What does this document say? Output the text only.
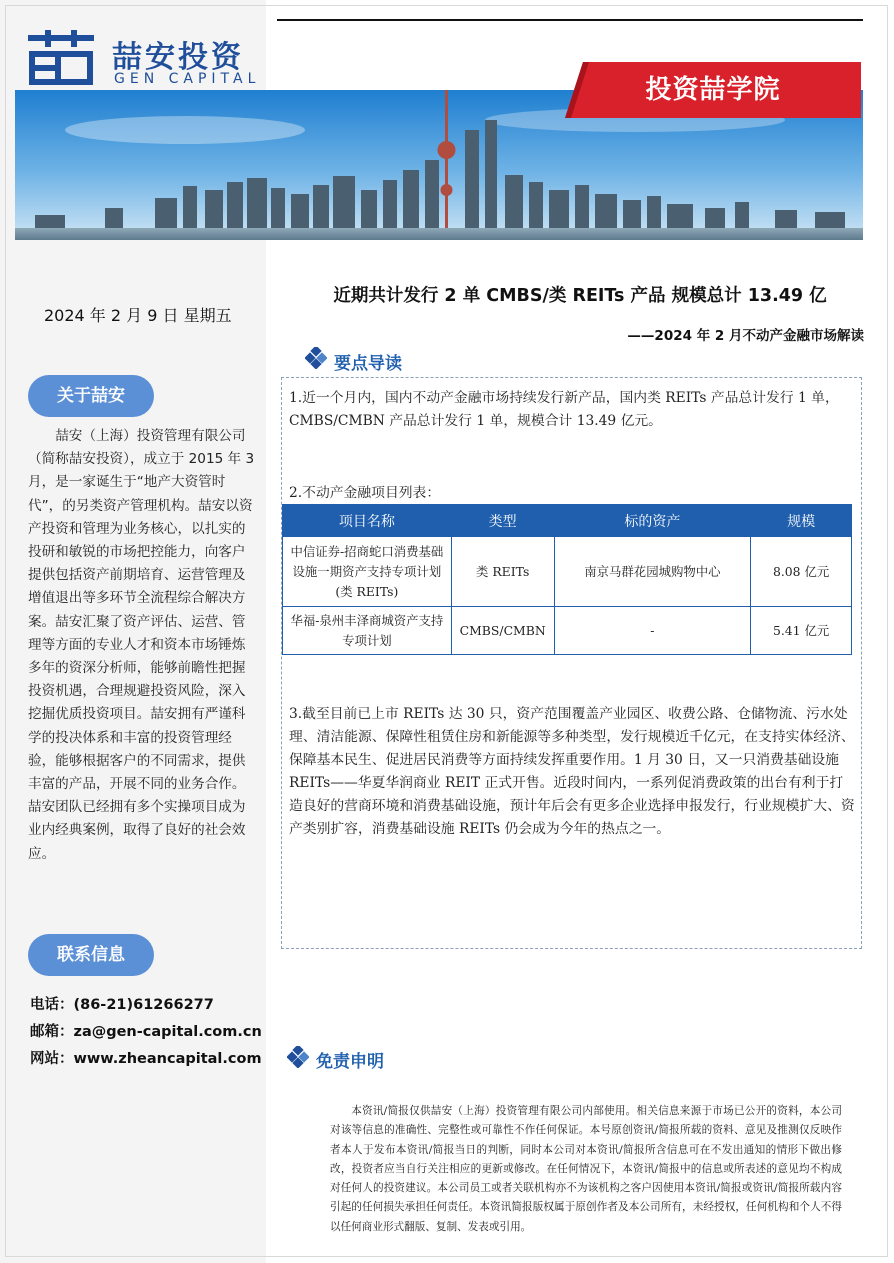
喆安投资
GEN CAPITAL	投资喆学院
2024 年 2 月 9 日 星期五
关于喆安
喆安（上海）投资管理有限公司（简称喆安投资），成立于 2015 年 3 月，是一家诞生于“地产大资管时代”，的另类资产管理机构。喆安以资产投资和管理为业务核心，以扎实的投研和敏锐的市场把控能力，向客户提供包括资产前期培育、运营管理及增值退出等多环节全流程综合解决方案。喆安汇聚了资产评估、运营、管理等方面的专业人才和资本市场锤炼多年的资深分析师，能够前瞻性把握投资机遇，合理规避投资风险，深入挖掘优质投资项目。喆安拥有严谨科学的投决体系和丰富的投资管理经验，能够根据客户的不同需求，提供丰富的产品，开展不同的业务合作。喆安团队已经拥有多个实操项目成为业内经典案例，取得了良好的社会效应。
联系信息
电话：(86-21)61266277
邮箱：za@gen-capital.com.cn
网站：www.zheancapital.com
近期共计发行 2 单 CMBS/类 REITs 产品 规模总计 13.49 亿
——2024 年 2 月不动产金融市场解读
要点导读
1.近一个月内，国内不动产金融市场持续发行新产品，国内类 REITs 产品总计发行 1 单，CMBS/CMBN 产品总计发行 1 单，规模合计 13.49 亿元。
2.不动产金融项目列表：
项目名称	类型	标的资产	规模
中信证券-招商蛇口消费基础设施一期资产支持专项计划(类 REITs)	类 REITs	南京马群花园城购物中心	8.08 亿元
华福-泉州丰泽商城资产支持专项计划	CMBS/CMBN	-	5.41 亿元
3.截至目前已上市 REITs 达 30 只，资产范围覆盖产业园区、收费公路、仓储物流、污水处理、清洁能源、保障性租赁住房和新能源等多种类型，发行规模近千亿元，在支持实体经济、保障基本民生、促进居民消费等方面持续发挥重要作用。1 月 30 日，又一只消费基础设施 REITs——华夏华润商业 REIT 正式开售。近段时间内，一系列促消费政策的出台有利于打造良好的营商环境和消费基础设施，预计年后会有更多企业选择申报发行，行业规模扩大、资产类别扩容，消费基础设施 REITs 仍会成为今年的热点之一。
免责申明
本资讯/简报仅供喆安（上海）投资管理有限公司内部使用。相关信息来源于市场已公开的资料，本公司对该等信息的准确性、完整性或可靠性不作任何保证。本号原创资讯/简报所载的资料、意见及推测仅反映作者本人于发布本资讯/简报当日的判断，同时本公司对本资讯/简报所含信息可在不发出通知的情形下做出修改，投资者应当自行关注相应的更新或修改。在任何情况下，本资讯/简报中的信息或所表述的意见均不构成对任何人的投资建议。本公司员工或者关联机构亦不为该机构之客户因使用本资讯/简报或资讯/简报所载内容引起的任何损失承担任何责任。本资讯简报版权属于原创作者及本公司所有，未经授权，任何机构和个人不得以任何商业形式翻版、复制、发表或引用。
